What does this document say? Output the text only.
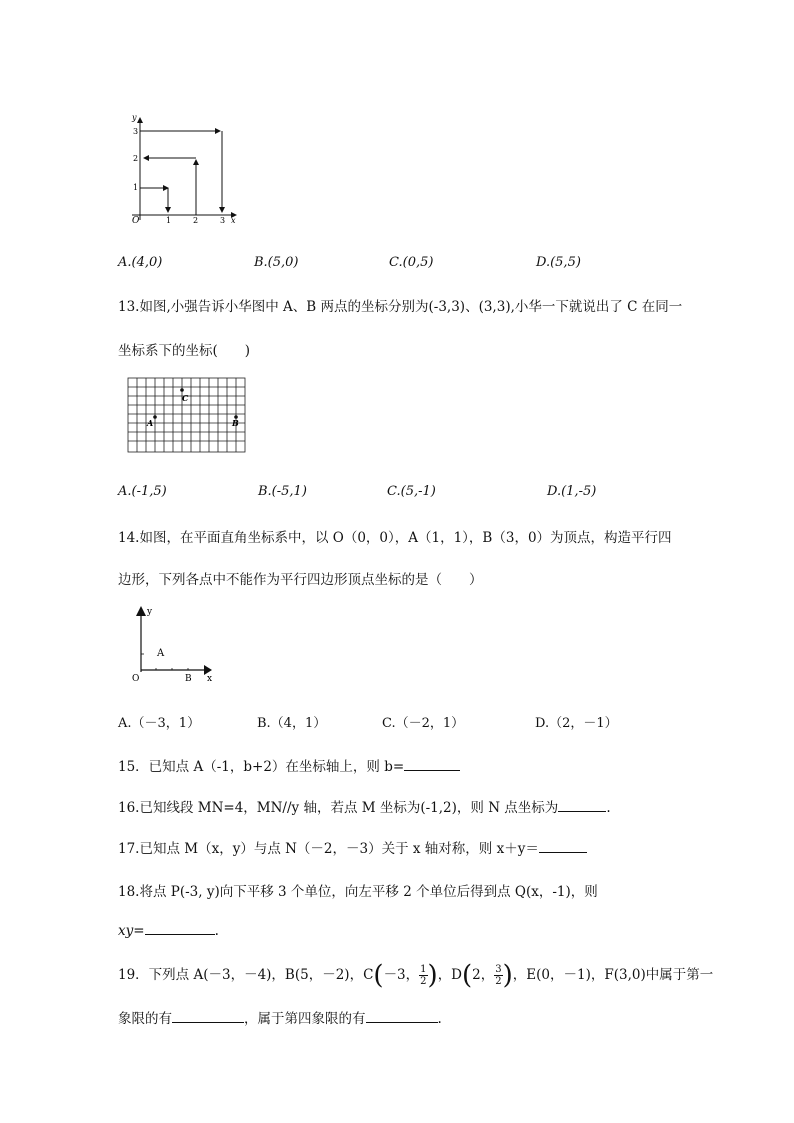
y
O	1	2	3 x
1
2
3
A.(4,0)	B.(5,0)	C.(0,5)	D.(5,5)
13.如图,小强告诉小华图中 A、B 两点的坐标分别为(-3,3)、(3,3),小华一下就说出了 C 在同一
坐标系下的坐标(　　)
C
A	B
A.(-1,5)	B.(-5,1)	C.(5,-1)	D.(1,-5)
14.如图，在平面直角坐标系中，以 O（0，0），A（1，1），B（3，0）为顶点，构造平行四
边形，下列各点中不能作为平行四边形顶点坐标的是（　　）
y
A
O	B x
A.（－3，1）	B.（4，1）	C.（－2，1）	D.（2，－1）
15．已知点 A（-1，b+2）在坐标轴上，则 b=
16.已知线段 MN=4，MN//y 轴，若点 M 坐标为(-1,2)，则 N 点坐标为	.
17.已知点 M（x，y）与点 N（－2，－3）关于 x 轴对称，则 x＋y＝
18.将点 P(-3, y)向下平移 3 个单位，向左平移 2 个单位后得到点 Q(x，-1)，则
xy=	.
19．下列点 A(－3，－4)，B(5，－2)，C(－3， $\frac{1}{2}$ )，D(2， $\frac{3}{2}$ )，E(0，－1)，F(3,0)中属于第一
象限的有	，属于第四象限的有	.
